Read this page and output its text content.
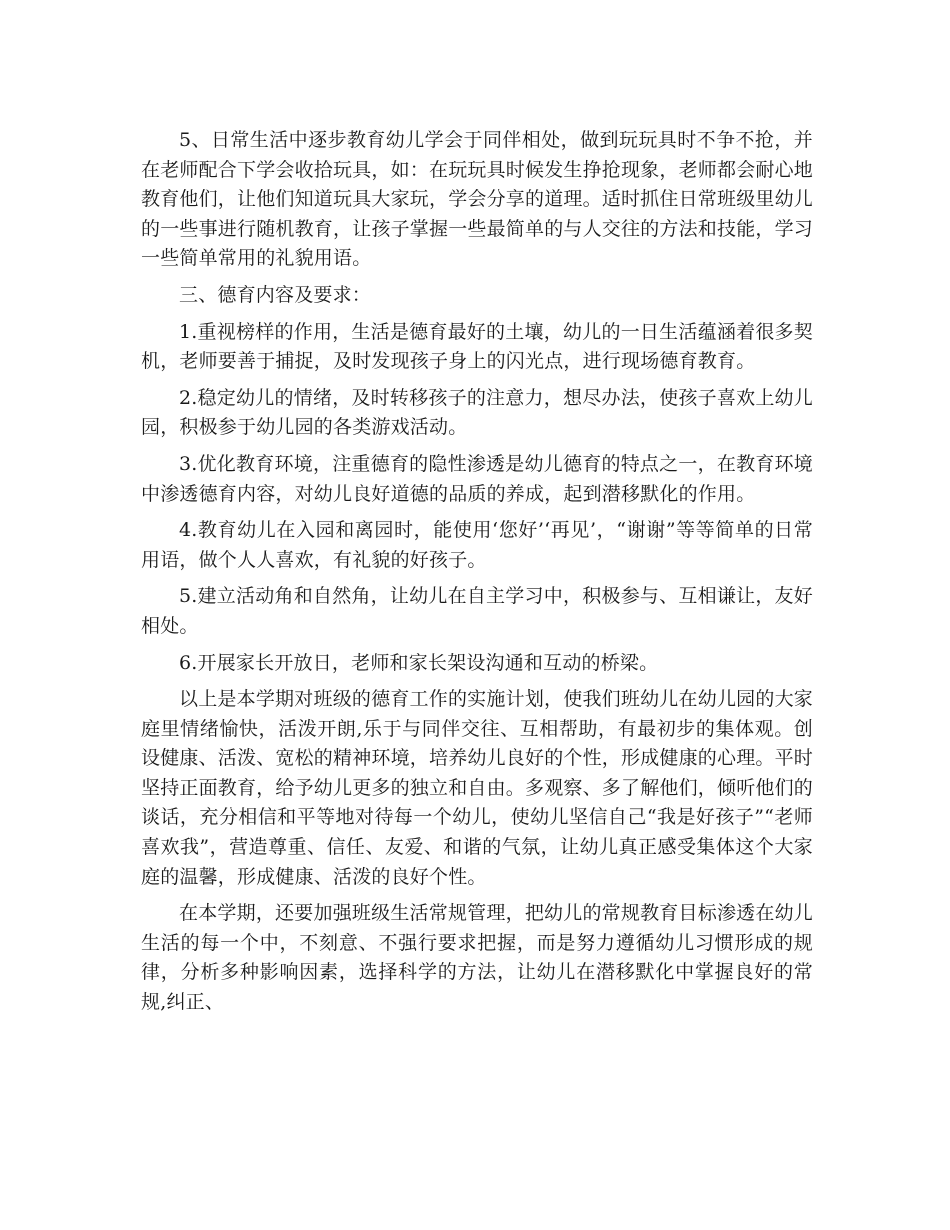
5、日常生活中逐步教育幼儿学会于同伴相处，做到玩玩具时不争不抢，并在老师配合下学会收拾玩具，如：在玩玩具时候发生挣抢现象，老师都会耐心地教育他们，让他们知道玩具大家玩，学会分享的道理。适时抓住日常班级里幼儿的一些事进行随机教育，让孩子掌握一些最简单的与人交往的方法和技能，学习一些简单常用的礼貌用语。

三、德育内容及要求：

1.重视榜样的作用，生活是德育最好的土壤，幼儿的一日生活蕴涵着很多契机，老师要善于捕捉，及时发现孩子身上的闪光点，进行现场德育教育。

2.稳定幼儿的情绪，及时转移孩子的注意力，想尽办法，使孩子喜欢上幼儿园，积极参于幼儿园的各类游戏活动。

3.优化教育环境，注重德育的隐性渗透是幼儿德育的特点之一，在教育环境中渗透德育内容，对幼儿良好道德的品质的养成，起到潜移默化的作用。

4.教育幼儿在入园和离园时，能使用‘您好’‘再见’，“谢谢”等等简单的日常用语，做个人人喜欢，有礼貌的好孩子。

5.建立活动角和自然角，让幼儿在自主学习中，积极参与、互相谦让，友好相处。

6.开展家长开放日，老师和家长架设沟通和互动的桥梁。

以上是本学期对班级的德育工作的实施计划，使我们班幼儿在幼儿园的大家庭里情绪愉快，活泼开朗,乐于与同伴交往、互相帮助，有最初步的集体观。创设健康、活泼、宽松的精神环境，培养幼儿良好的个性，形成健康的心理。平时坚持正面教育，给予幼儿更多的独立和自由。多观察、多了解他们，倾听他们的谈话，充分相信和平等地对待每一个幼儿，使幼儿坚信自己“我是好孩子”“老师喜欢我”，营造尊重、信任、友爱、和谐的气氛，让幼儿真正感受集体这个大家庭的温馨，形成健康、活泼的良好个性。

在本学期，还要加强班级生活常规管理，把幼儿的常规教育目标渗透在幼儿生活的每一个中，不刻意、不强行要求把握，而是努力遵循幼儿习惯形成的规律，分析多种影响因素，选择科学的方法，让幼儿在潜移默化中掌握良好的常规,纠正、
